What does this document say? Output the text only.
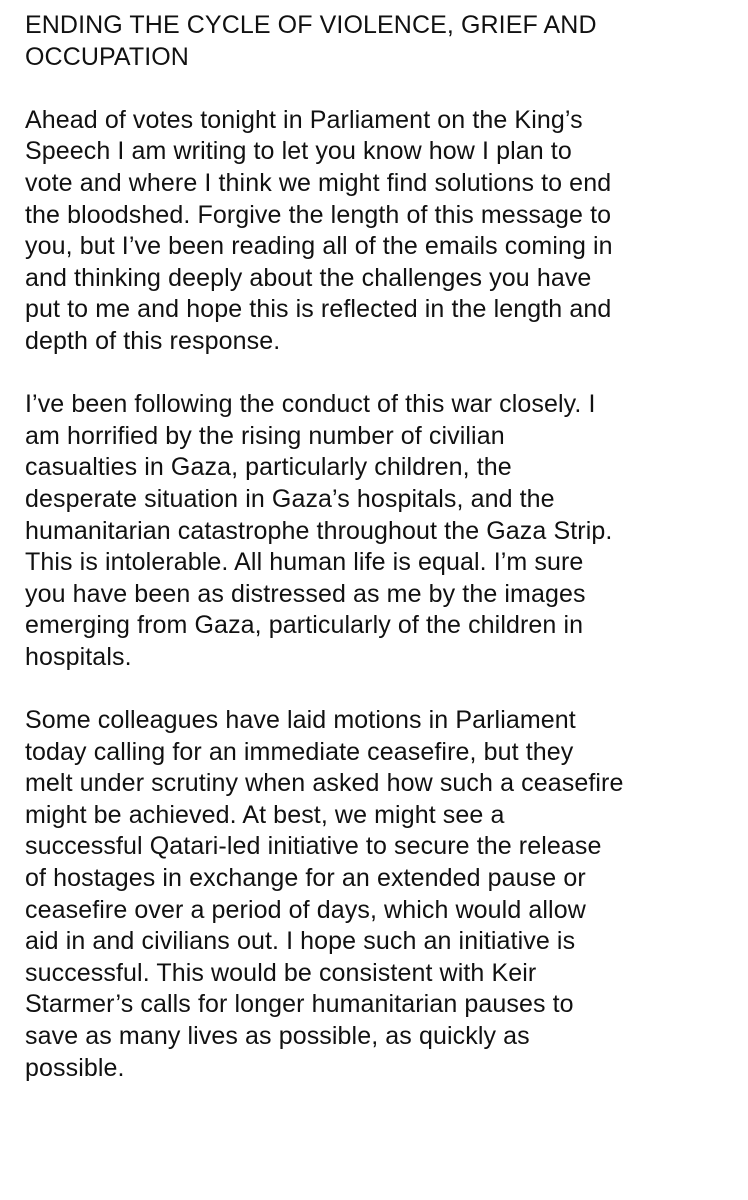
ENDING THE CYCLE OF VIOLENCE, GRIEF AND
OCCUPATION

Ahead of votes tonight in Parliament on the King’s
Speech I am writing to let you know how I plan to
vote and where I think we might find solutions to end
the bloodshed. Forgive the length of this message to
you, but I’ve been reading all of the emails coming in
and thinking deeply about the challenges you have
put to me and hope this is reflected in the length and
depth of this response.

I’ve been following the conduct of this war closely. I
am horrified by the rising number of civilian
casualties in Gaza, particularly children, the
desperate situation in Gaza’s hospitals, and the
humanitarian catastrophe throughout the Gaza Strip.
This is intolerable. All human life is equal. I’m sure
you have been as distressed as me by the images
emerging from Gaza, particularly of the children in
hospitals.

Some colleagues have laid motions in Parliament
today calling for an immediate ceasefire, but they
melt under scrutiny when asked how such a ceasefire
might be achieved. At best, we might see a
successful Qatari-led initiative to secure the release
of hostages in exchange for an extended pause or
ceasefire over a period of days, which would allow
aid in and civilians out. I hope such an initiative is
successful. This would be consistent with Keir
Starmer’s calls for longer humanitarian pauses to
save as many lives as possible, as quickly as
possible.
